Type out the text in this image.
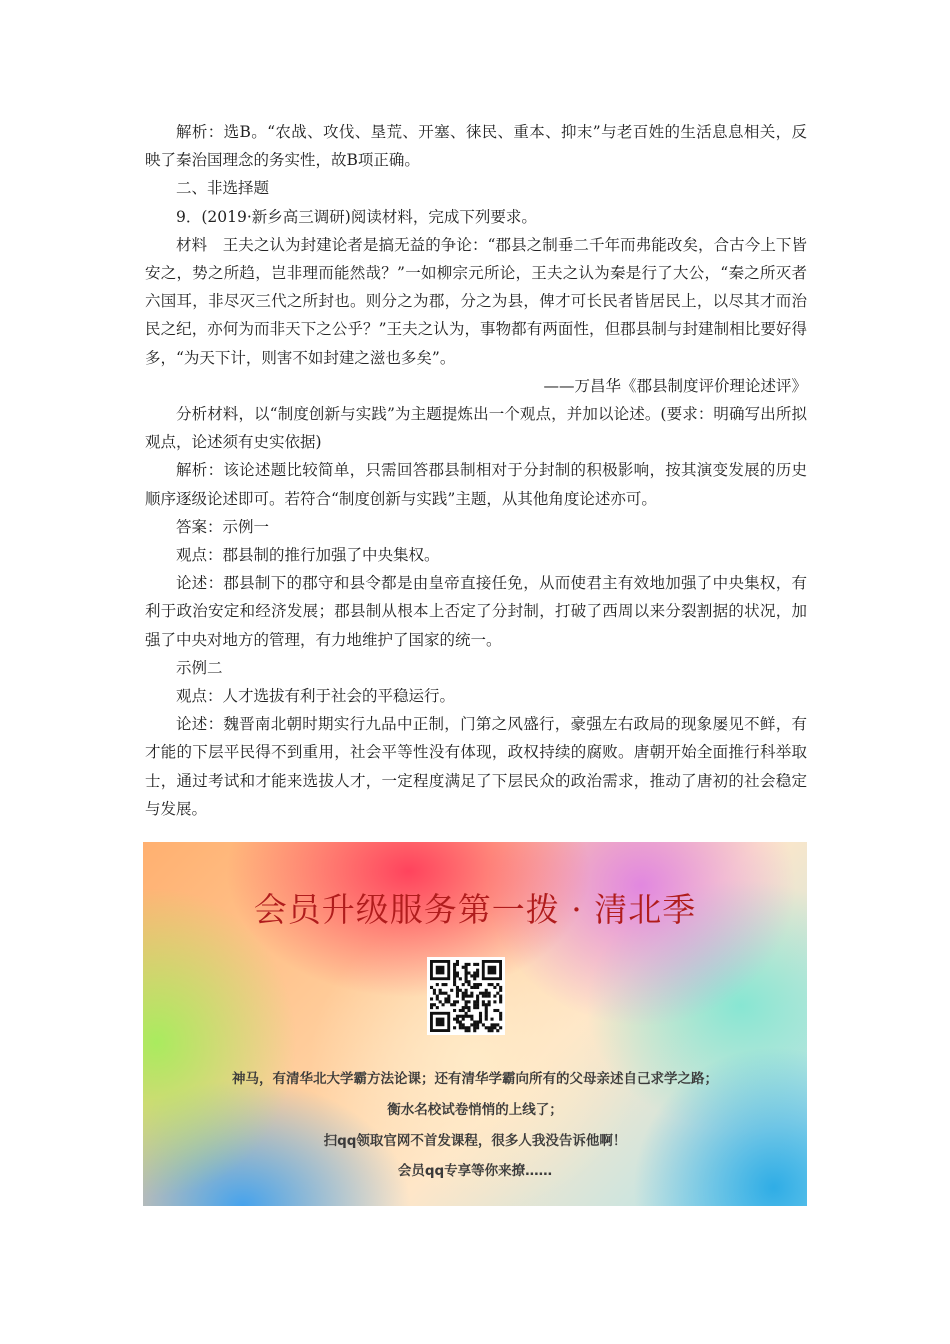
解析：选B。“农战、攻伐、垦荒、开塞、徕民、重本、抑末”与老百姓的生活息息相关，反映了秦治国理念的务实性，故B项正确。

二、非选择题

9．(2019·新乡高三调研)阅读材料，完成下列要求。

材料　王夫之认为封建论者是搞无益的争论：“郡县之制垂二千年而弗能改矣，合古今上下皆安之，势之所趋，岂非理而能然哉？”一如柳宗元所论，王夫之认为秦是行了大公，“秦之所灭者六国耳，非尽灭三代之所封也。则分之为郡，分之为县，俾才可长民者皆居民上，以尽其才而治民之纪，亦何为而非天下之公乎？”王夫之认为，事物都有两面性，但郡县制与封建制相比要好得多，“为天下计，则害不如封建之滋也多矣”。

——万昌华《郡县制度评价理论述评》

分析材料，以“制度创新与实践”为主题提炼出一个观点，并加以论述。(要求：明确写出所拟观点，论述须有史实依据)

解析：该论述题比较简单，只需回答郡县制相对于分封制的积极影响，按其演变发展的历史顺序逐级论述即可。若符合“制度创新与实践”主题，从其他角度论述亦可。

答案：示例一

观点：郡县制的推行加强了中央集权。

论述：郡县制下的郡守和县令都是由皇帝直接任免，从而使君主有效地加强了中央集权，有利于政治安定和经济发展；郡县制从根本上否定了分封制，打破了西周以来分裂割据的状况，加强了中央对地方的管理，有力地维护了国家的统一。

示例二

观点：人才选拔有利于社会的平稳运行。

论述：魏晋南北朝时期实行九品中正制，门第之风盛行，豪强左右政局的现象屡见不鲜，有才能的下层平民得不到重用，社会平等性没有体现，政权持续的腐败。唐朝开始全面推行科举取士，通过考试和才能来选拔人才，一定程度满足了下层民众的政治需求，推动了唐初的社会稳定与发展。

会员升级服务第一拨 · 清北季
神马，有清华北大学霸方法论课；还有清华学霸向所有的父母亲述自己求学之路；
衡水名校试卷悄悄的上线了；
扫qq领取官网不首发课程，很多人我没告诉他啊！
会员qq专享等你来撩……
